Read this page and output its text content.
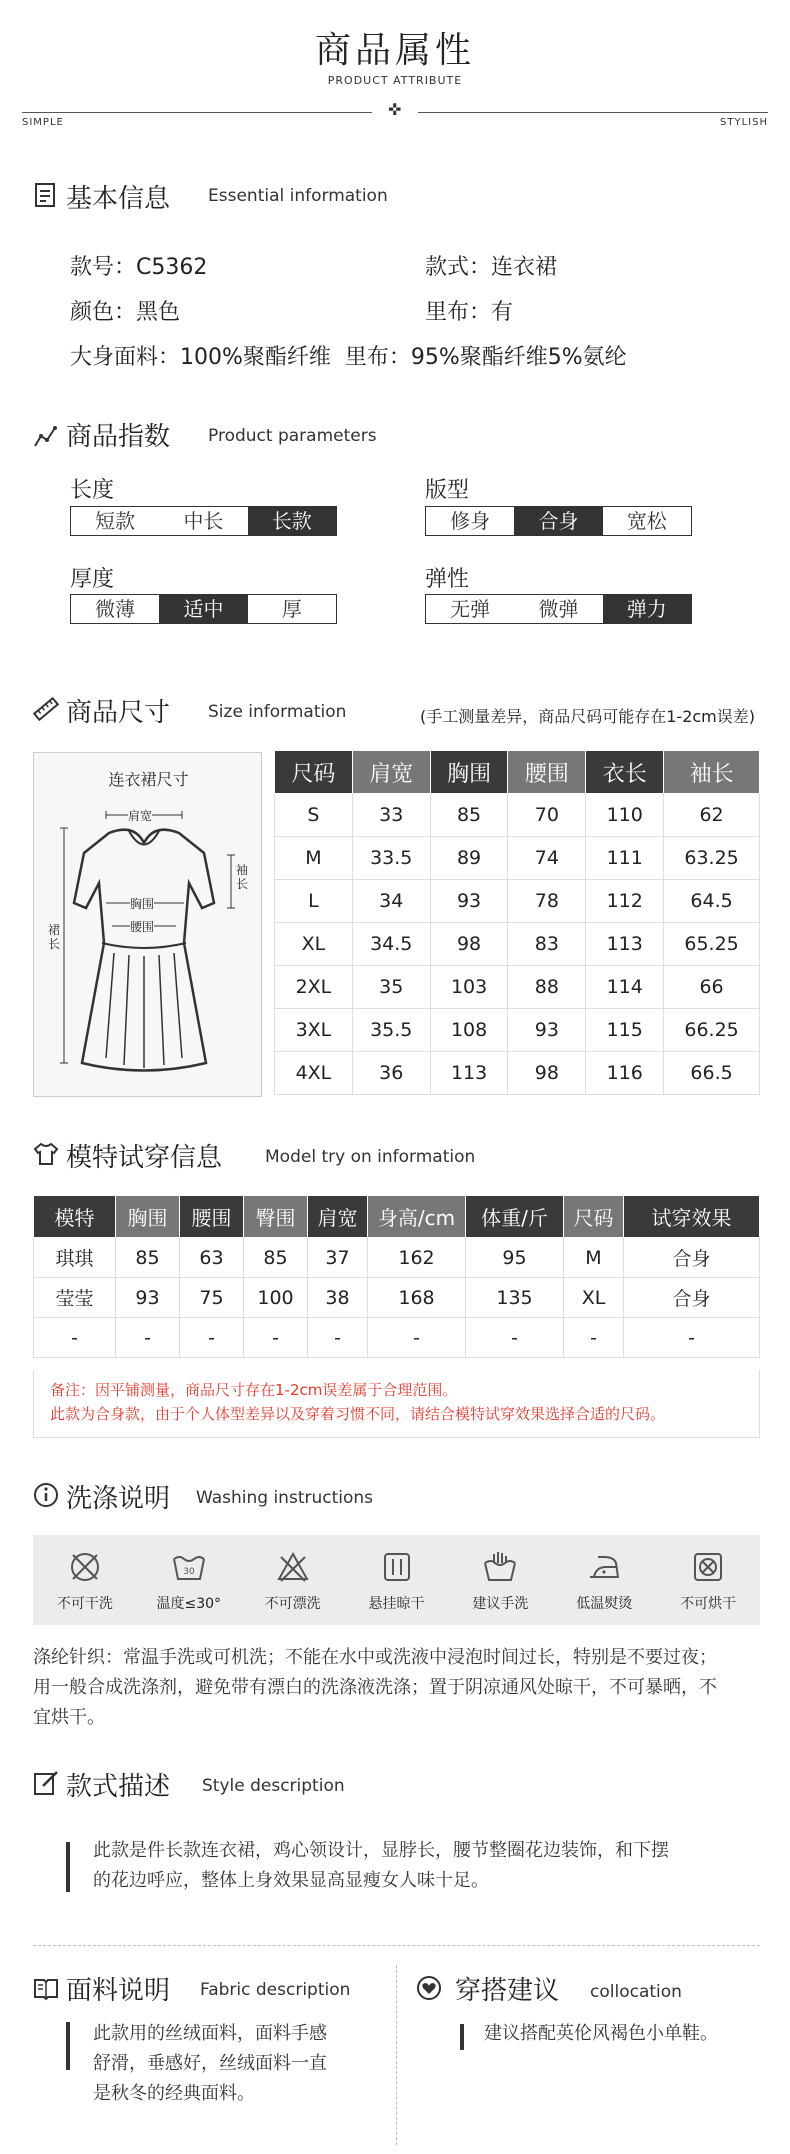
商品属性
PRODUCT ATTRIBUTE
✜
SIMPLE	STYLISH
基本信息 Essential information
款号：C5362	款式：连衣裙
颜色：黑色	里布：有
大身面料：100%聚酯纤维  里布：95%聚酯纤维5%氨纶
商品指数 Product parameters
长度
短款	中长	长款
版型
修身	合身	宽松
厚度
微薄	适中	厚
弹性
无弹	微弹	弹力
商品尺寸 Size information	(手工测量差异，商品尺码可能存在1-2cm误差)
连衣裙尺寸
肩宽
胸围
腰围
袖长
裙长
尺码	肩宽	胸围	腰围	衣长	袖长
S	33	85	70	110	62
M	33.5	89	74	111	63.25
L	34	93	78	112	64.5
XL	34.5	98	83	113	65.25
2XL	35	103	88	114	66
3XL	35.5	108	93	115	66.25
4XL	36	113	98	116	66.5
模特试穿信息	Model try on information
模特	胸围	腰围	臀围	肩宽	身高/cm	体重/斤	尺码	试穿效果
琪琪	85	63	85	37	162	95	M	合身
莹莹	93	75	100	38	168	135	XL	合身
-	-	-	-	-	-	-	-	-
备注：因平铺测量，商品尺寸存在1-2cm误差属于合理范围。
此款为合身款，由于个人体型差异以及穿着习惯不同，请结合模特试穿效果选择合适的尺码。
洗涤说明 Washing instructions
不可干洗
30
温度≤30°	不可漂洗	悬挂晾干	建议手洗	低温熨烫	不可烘干
涤纶针织：常温手洗或可机洗；不能在水中或洗液中浸泡时间过长，特别是不要过夜；
用一般合成洗涤剂，避免带有漂白的洗涤液洗涤；置于阴凉通风处晾干，不可暴晒，不
宜烘干。
款式描述 Style description
此款是件长款连衣裙，鸡心领设计，显脖长，腰节整圈花边装饰，和下摆
的花边呼应，整体上身效果显高显瘦女人味十足。
面料说明 Fabric description
此款用的丝绒面料，面料手感
舒滑，垂感好，丝绒面料一直
是秋冬的经典面料。
穿搭建议 collocation
建议搭配英伦风褐色小单鞋。
